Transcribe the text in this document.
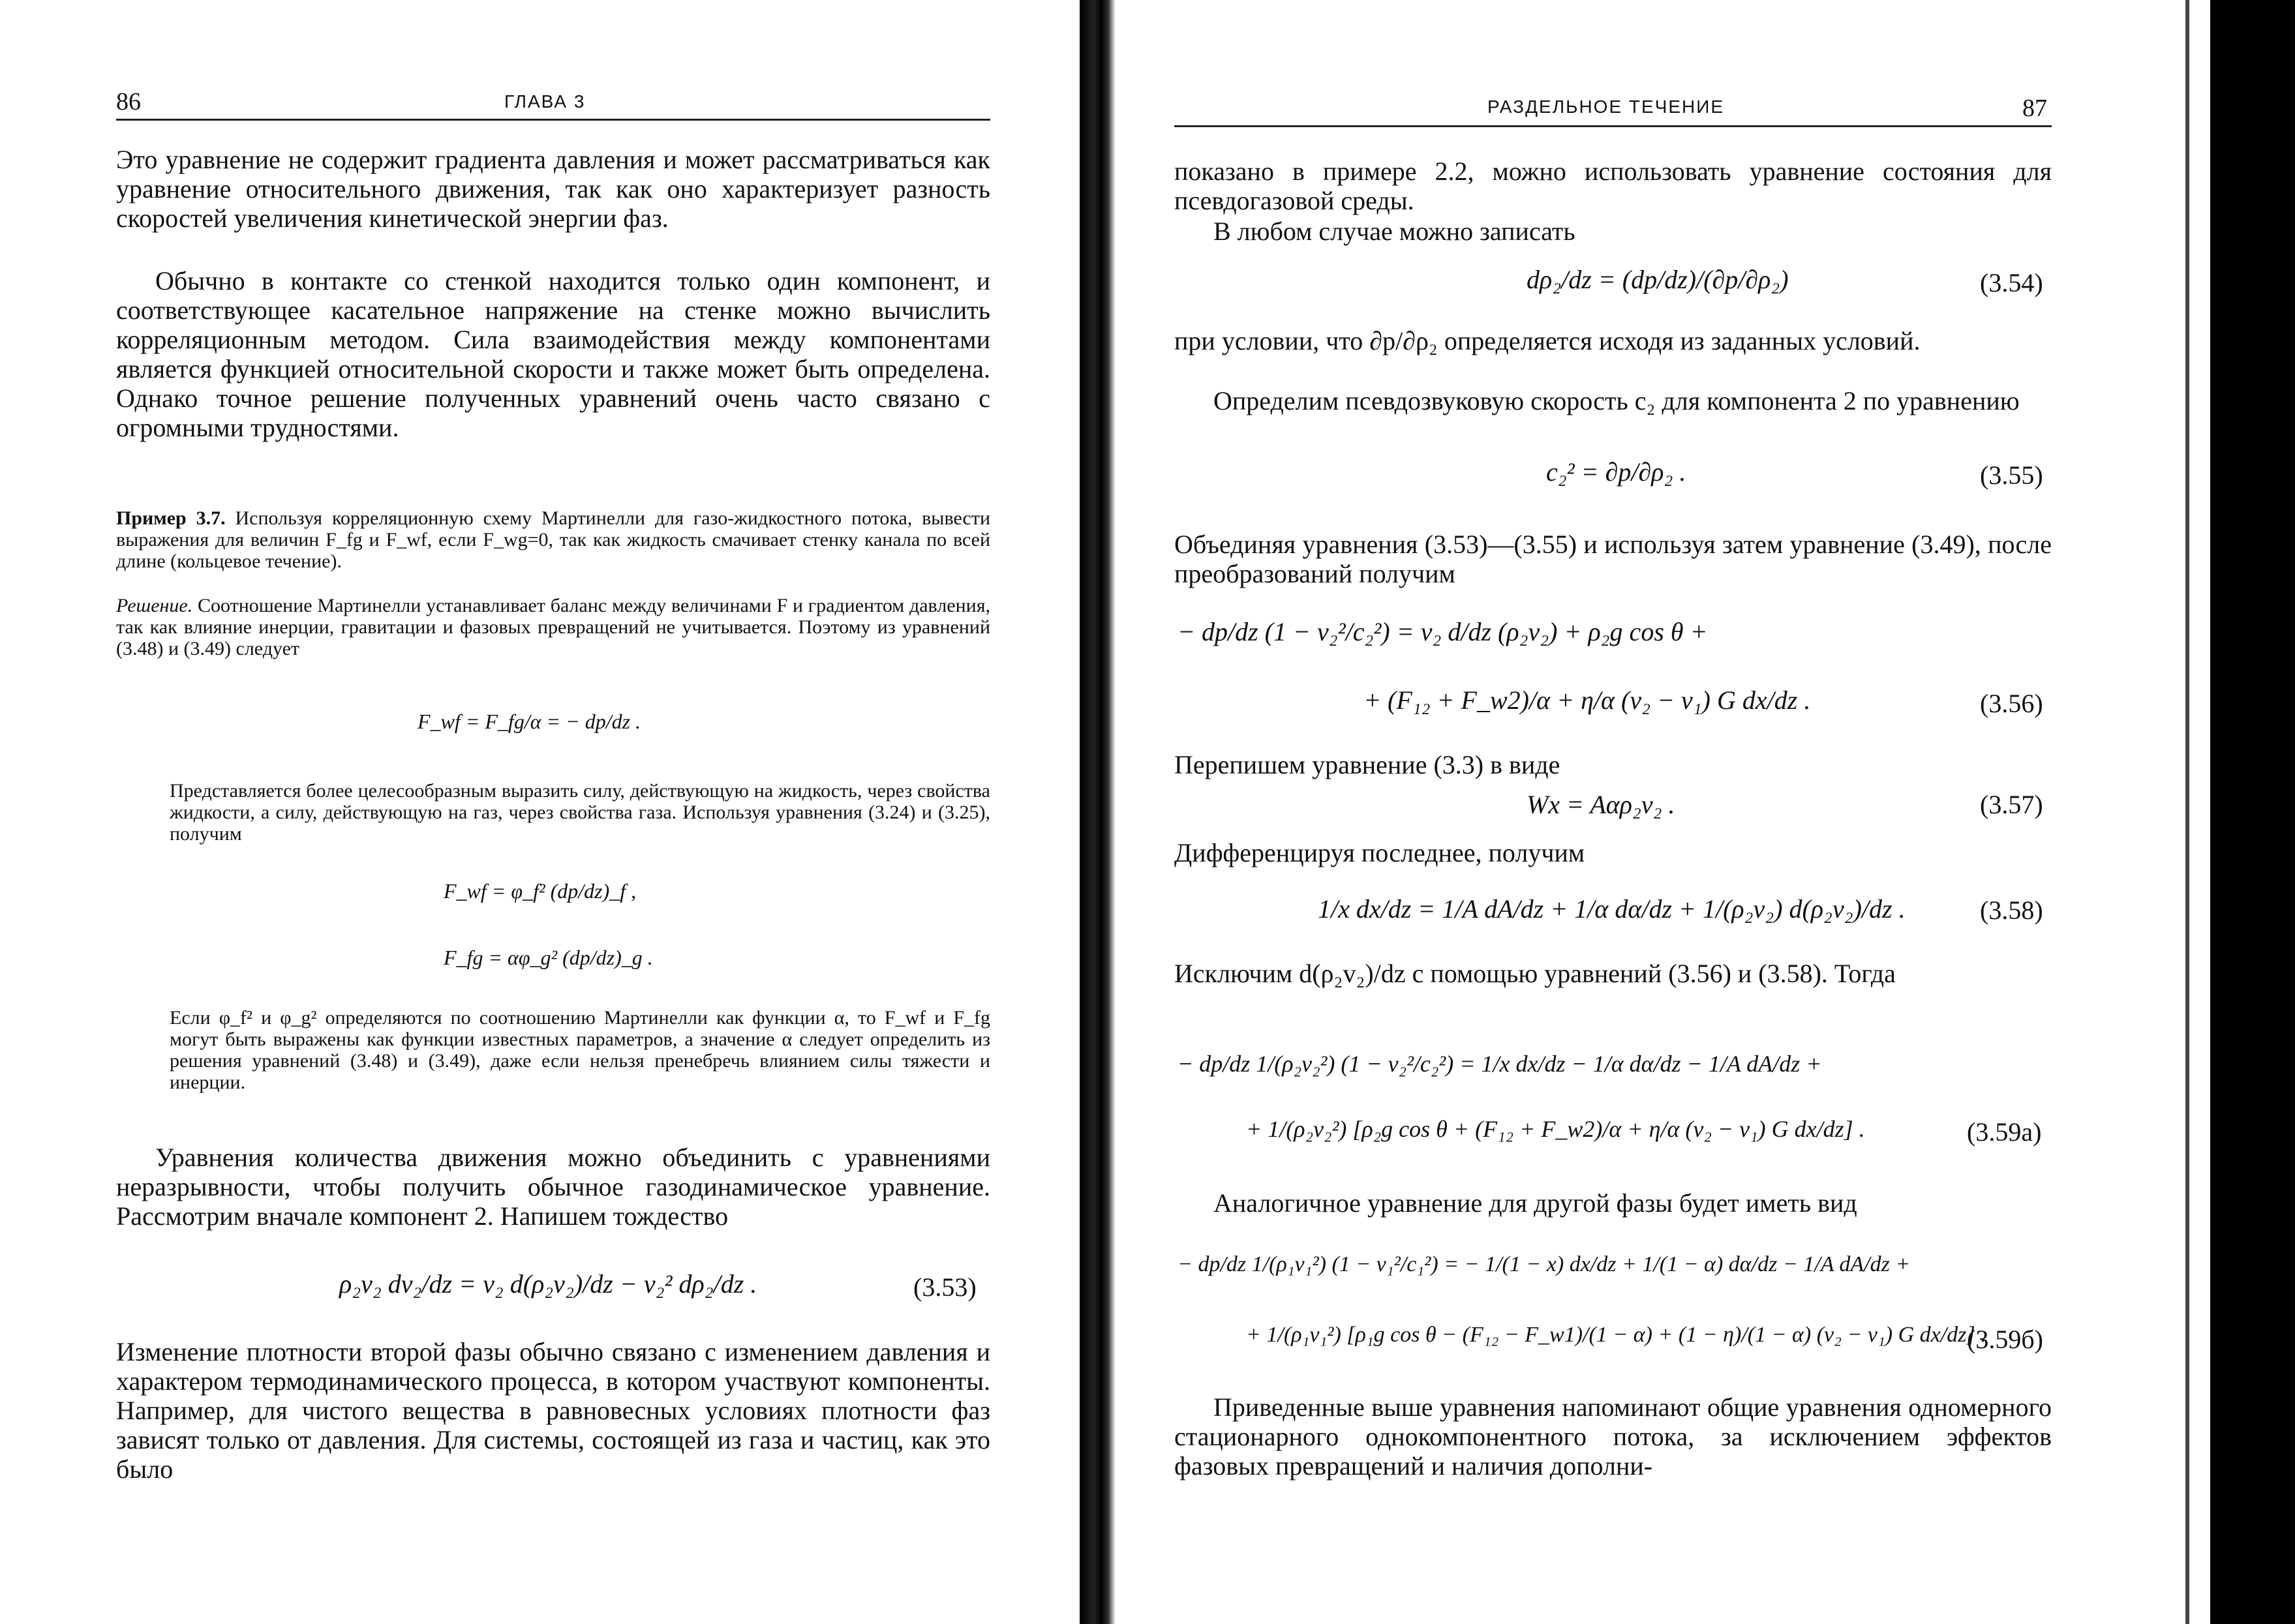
86	ГЛАВА 3

Это уравнение не содержит градиента давления и может рассматриваться как уравнение относительного движения, так как оно характеризует разность скоростей увеличения кинетической энергии фаз.

Обычно в контакте со стенкой находится только один компонент, и соответствующее касательное напряжение на стенке можно вычислить корреляционным методом. Сила взаимодействия между компонентами является функцией относительной скорости и также может быть определена. Однако точное решение полученных уравнений очень часто связано с огромными трудностями.

Пример 3.7. Используя корреляционную схему Мартинелли для газо-жидкостного потока, вывести выражения для величин F_fg и F_wf, если F_wg=0, так как жидкость смачивает стенку канала по всей длине (кольцевое течение).
Решение. Соотношение Мартинелли устанавливает баланс между величинами F и градиентом давления, так как влияние инерции, гравитации и фазовых превращений не учитывается. Поэтому из уравнений (3.48) и (3.49) следует
F_wf = F_fg/α = − dp/dz .

Представляется более целесообразным выразить силу, действующую на жидкость, через свойства жидкости, а силу, действующую на газ, через свойства газа. Используя уравнения (3.24) и (3.25), получим

F_wf = φ_f² (dp/dz)_f ,
F_fg = αφ_g² (dp/dz)_g .

Если φ_f² и φ_g² определяются по соотношению Мартинелли как функции α, то F_wf и F_fg могут быть выражены как функции известных параметров, а значение α следует определить из решения уравнений (3.48) и (3.49), даже если нельзя пренебречь влиянием силы тяжести и инерции.

Уравнения количества движения можно объединить с уравнениями неразрывности, чтобы получить обычное газодинамическое уравнение. Рассмотрим вначале компонент 2. Напишем тождество

ρ₂v₂ dv₂/dz = v₂ d(ρ₂v₂)/dz − v₂² dρ₂/dz .	(3.53)

Изменение плотности второй фазы обычно связано с изменением давления и характером термодинамического процесса, в котором участвуют компоненты. Например, для чистого вещества в равновесных условиях плотности фаз зависят только от давления. Для системы, состоящей из газа и частиц, как это было

РАЗДЕЛЬНОЕ ТЕЧЕНИЕ	87

показано в примере 2.2, можно использовать уравнение состояния для псевдогазовой среды.

В любом случае можно записать

dρ₂/dz = (dp/dz)/(∂p/∂ρ₂)	(3.54)

при условии, что ∂p/∂ρ₂ определяется исходя из заданных условий.

Определим псевдозвуковую скорость c₂ для компонента 2 по уравнению

c₂² = ∂p/∂ρ₂ .	(3.55)

Объединяя уравнения (3.53)—(3.55) и используя затем уравнение (3.49), после преобразований получим

− dp/dz (1 − v₂²/c₂²) = v₂ d/dz (ρ₂v₂) + ρ₂g cos θ +
+ (F₁₂ + F_w2)/α + η/α (v₂ − v₁) G dx/dz .	(3.56)

Перепишем уравнение (3.3) в виде

Wx = Aαρ₂v₂ .	(3.57)

Дифференцируя последнее, получим

1/x dx/dz = 1/A dA/dz + 1/α dα/dz + 1/(ρ₂v₂) d(ρ₂v₂)/dz .	(3.58)

Исключим d(ρ₂v₂)/dz с помощью уравнений (3.56) и (3.58). Тогда

− dp/dz 1/(ρ₂v₂²) (1 − v₂²/c₂²) = 1/x dx/dz − 1/α dα/dz − 1/A dA/dz +
+ 1/(ρ₂v₂²) [ρ₂g cos θ + (F₁₂ + F_w2)/α + η/α (v₂ − v₁) G dx/dz] .	(3.59а)

Аналогичное уравнение для другой фазы будет иметь вид

− dp/dz 1/(ρ₁v₁²) (1 − v₁²/c₁²) = − 1/(1 − x) dx/dz + 1/(1 − α) dα/dz − 1/A dA/dz +
+ 1/(ρ₁v₁²) [ρ₁g cos θ − (F₁₂ − F_w1)/(1 − α) + (1 − η)/(1 − α) (v₂ − v₁) G dx/dz] .
(3.59б)

Приведенные выше уравнения напоминают общие уравнения одномерного стационарного однокомпонентного потока, за исключением эффектов фазовых превращений и наличия дополни-
